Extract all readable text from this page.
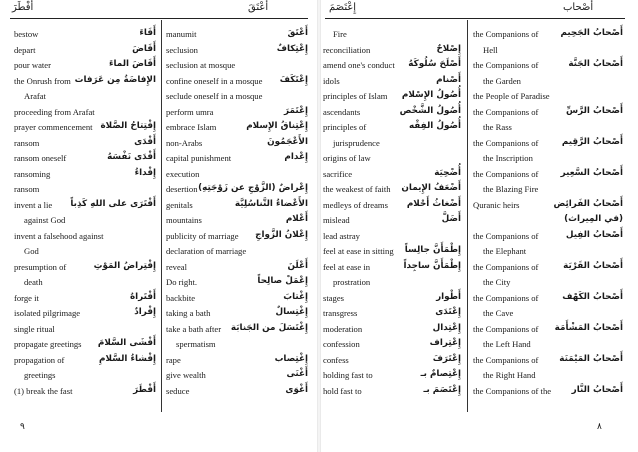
أَفْطَرَ	أَعْتَقَ
bestow	أَفَاءَ
depart	أَفَاضَ
pour water	أَفَاضَ الماءَ
the Onrush from الإِفاضَةُ مِن عَرَفات
Arafat
proceeding from Arafat
prayer commencement إِفْتِتاحُ الصَّلاة
ransom	أَفْدَى
ransom oneself	أَفْدَى نَفْسَهُ
ransoming	إِفْداءُ
ransom
invent a lie أَفْتَرَى على اللهِ كَذِباً
against God
invent a falsehood against
God
presumption of	إِفْتِراضُ المَوْتِ
death
forge it	أَفْتَراهُ
isolated pilgrimage	إِفْرادٌ
single ritual
propagate greetings أَفْشَى السَّلامَ
propagation of	إِفْشاءُ السَّلامِ
greetings
(1) break the fast	أَفْطَرَ
manumit	أَعْتَقَ
seclusion	إِعْتِكافٌ
seclusion at mosque
confine oneself in a mosque إِعْتَكَفَ
seclude oneself in a mosque
perform umra	إِعْتَمَرَ
embrace Islam	إِعْتِناقُ الإِسلام
non-Arabs	الأَعْجَمُونَ
capital punishment	إِعْدام
execution
desertion إِعْراضٌ (الزَّوْجِ عن زَوْجَتِهِ)
genitals	الأَعْضاءُ التَّناسُلِيَّة
mountains	أَعْلام
publicity of marriage إِعْلانُ الزَّواجِ
declaration of marriage
reveal	أَعْلَنَ
Do right.	إِعْمَلْ صالِحاً
backbite	إِغْتابَ
taking a bath	إِغْتِسالٌ
take a bath after إِغْتَسَلَ من الجَنابَة
spermatism
rape	إِغْتِصاب
give wealth	أَغْنَى
seduce	أَغْوَى
٩
إِعْتَصَمَ	أَصْحاب
Fire
reconciliation	إِصْلاحٌ
amend one's conduct أَصْلَحَ سُلُوكَهُ
idols	أَصْنام
principles of Islam أُصُولُ الإِسْلام
ascendants	أُصُولُ الشَّخْص
principles of	أُصُولُ الفِقْه
jurisprudence
origins of law
sacrifice	أُضْحِيَة
the weakest of faith أَضْعَفُ الإِيمان
medleys of dreams أَضْغاثُ أَحْلام
mislead	أَضَلَّ
lead astray
feel at ease in sitting إِطْمَأَنَّ جالِساً
feel at ease in	إِطْمَأَنَّ ساجِداً
prostration
stages	أَطْوار
transgress	إِعْتَدَى
moderation	إِعْتِدال
confession	إِعْتِراف
confess	إِعْتَرَفَ
holding fast to	إِعْتِصامٌ بـ
hold fast to	إِعْتَصَمَ بـ
the Companions of	أَصْحابُ الجَحِيم
Hell
the Companions of	أَصْحابُ الجَنَّة
the Garden
the People of Paradise
the Companions of	أَصْحابُ الرَّسِّ
the Rass
the Companions of	أَصْحابُ الرَّقِيم
the Inscription
the Companions of	أَصْحابُ السَّعِير
the Blazing Fire
Quranic heirs	أَصْحابُ الفَرائِض
(في المِيراث)
the Companions of	أَصْحابُ الفِيل
the Elephant
the Companions of	أَصْحابُ القَرْيَة
the City
the Companions of	أَصْحابُ الكَهْف
the Cave
the Companions of أَصْحابُ المَشْأَمَة
the Left Hand
the Companions of أَصْحابُ المَيْمَنَة
the Right Hand
the Companions of the أَصْحابُ النَّار
٨
